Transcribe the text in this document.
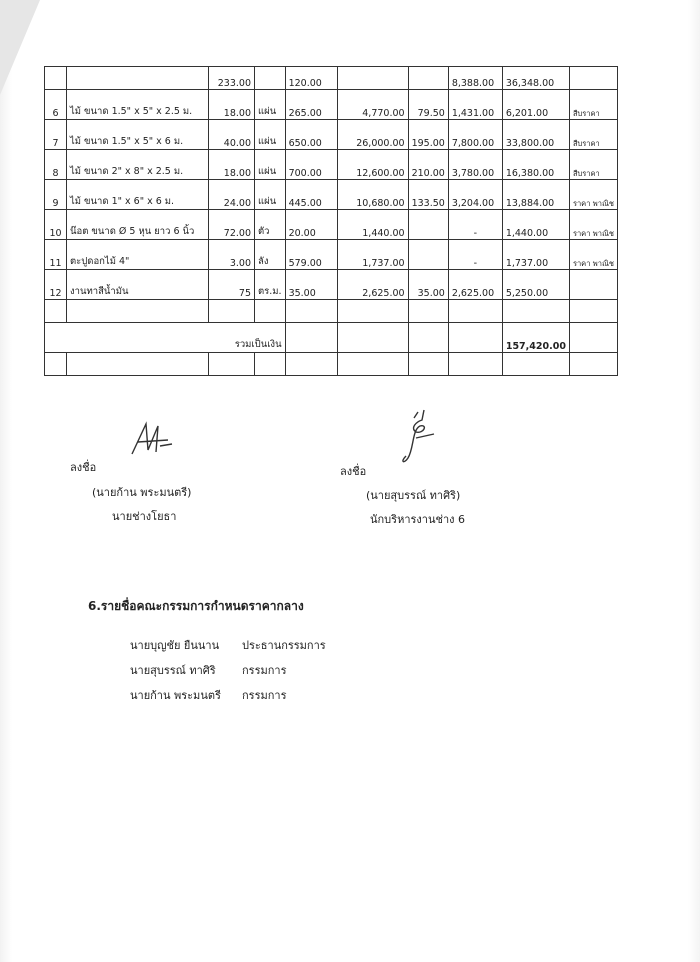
		233.00		120.00			8,388.00	36,348.00	
6	ไม้ ขนาด 1.5" x 5" x 2.5 ม.	18.00	แผ่น	265.00	4,770.00	79.50	1,431.00	6,201.00	สืบราคา
7	ไม้ ขนาด 1.5" x 5" x 6 ม.	40.00	แผ่น	650.00	26,000.00	195.00	7,800.00	33,800.00	สืบราคา
8	ไม้ ขนาด 2" x 8" x 2.5 ม.	18.00	แผ่น	700.00	12,600.00	210.00	3,780.00	16,380.00	สืบราคา
9	ไม้ ขนาด 1" x 6" x 6 ม.	24.00	แผ่น	445.00	10,680.00	133.50	3,204.00	13,884.00	ราคา พาณิช
10	น๊อต ขนาด Ø 5 หุน ยาว 6 นิ้ว	72.00	ตัว	20.00	1,440.00		-	1,440.00	ราคา พาณิช
11	ตะปูดอกไม้ 4"	3.00	ลัง	579.00	1,737.00		-	1,737.00	ราคา พาณิช
12	งานทาสีน้ำมัน	75	ตร.ม.	35.00	2,625.00	35.00	2,625.00	5,250.00	

รวมเป็นเงิน								157,420.00	

ลงชื่อ
(นายก้าน พระมนตรี)
นายช่างโยธา
ลงชื่อ
(นายสุบรรณ์ ทาศิริ)
นักบริหารงานช่าง 6
6.รายชื่อคณะกรรมการกำหนดราคากลาง
นายบุญชัย ยืนนาน ประธานกรรมการ
นายสุบรรณ์ ทาศิริ กรรมการ
นายก้าน พระมนตรี กรรมการ
